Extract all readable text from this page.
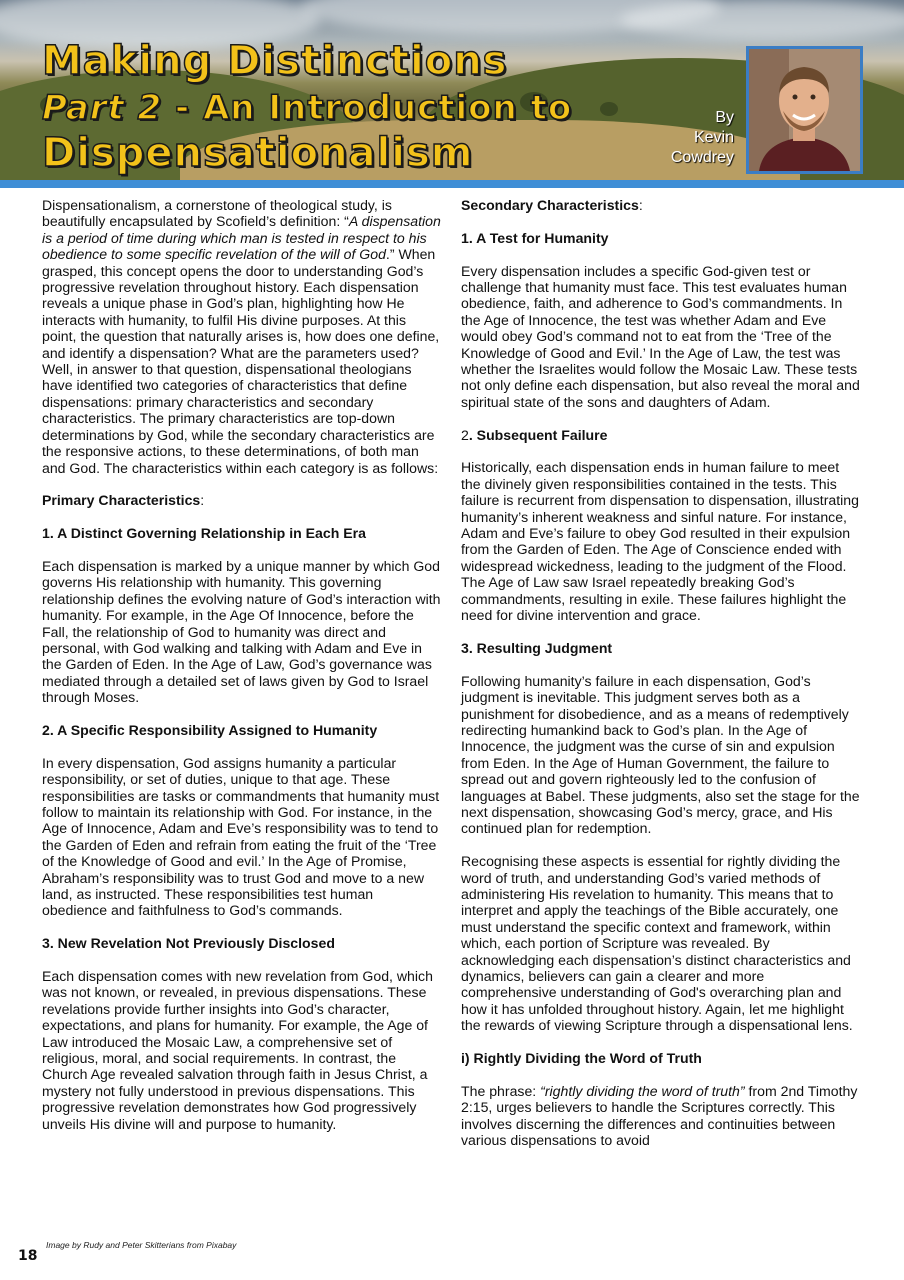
Making Distinctions
Part 2 - An Introduction to
Dispensationalism
By
Kevin
Cowdrey

Dispensationalism, a cornerstone of theological study, is beautifully encapsulated by Scofield’s definition: “A dispensation is a period of time during which man is tested in respect to his obedience to some specific revelation of the will of God.” When grasped, this concept opens the door to understanding God’s progressive revelation throughout history. Each dispensation reveals a unique phase in God’s plan, highlighting how He interacts with humanity, to fulfil His divine purposes. At this point, the question that naturally arises is, how does one define, and identify a dispensation? What are the parameters used? Well, in answer to that question, dispensational theologians have identified two categories of characteristics that define dispensations: primary characteristics and secondary characteristics. The primary characteristics are top-down determinations by God, while the secondary characteristics are the responsive actions, to these determinations, of both man and God. The characteristics within each category is as follows:

Primary Characteristics:

1. A Distinct Governing Relationship in Each Era

Each dispensation is marked by a unique manner by which God governs His relationship with humanity. This governing relationship defines the evolving nature of God’s interaction with humanity. For example, in the Age Of Innocence, before the Fall, the relationship of God to humanity was direct and personal, with God walking and talking with Adam and Eve in the Garden of Eden. In the Age of Law, God’s governance was mediated through a detailed set of laws given by God to Israel through Moses.

2. A Specific Responsibility Assigned to Humanity

In every dispensation, God assigns humanity a particular responsibility, or set of duties, unique to that age. These responsibilities are tasks or commandments that humanity must follow to maintain its relationship with God. For instance, in the Age of Innocence, Adam and Eve’s responsibility was to tend to the Garden of Eden and refrain from eating the fruit of the ‘Tree of the Knowledge of Good and evil.’ In the Age of Promise, Abraham’s responsibility was to trust God and move to a new land, as instructed. These responsibilities test human obedience and faithfulness to God’s commands.

3. New Revelation Not Previously Disclosed

Each dispensation comes with new revelation from God, which was not known, or revealed, in previous dispensations. These revelations provide further insights into God’s character, expectations, and plans for humanity. For example, the Age of Law introduced the Mosaic Law, a comprehensive set of religious, moral, and social requirements. In contrast, the Church Age revealed salvation through faith in Jesus Christ, a mystery not fully understood in previous dispensations. This progressive revelation demonstrates how God progressively unveils His divine will and purpose to humanity.

Secondary Characteristics:

1. A Test for Humanity

Every dispensation includes a specific God-given test or challenge that humanity must face. This test evaluates human obedience, faith, and adherence to God’s commandments. In the Age of Innocence, the test was whether Adam and Eve would obey God’s command not to eat from the ‘Tree of the Knowledge of Good and Evil.’ In the Age of Law, the test was whether the Israelites would follow the Mosaic Law. These tests not only define each dispensation, but also reveal the moral and spiritual state of the sons and daughters of Adam.

2. Subsequent Failure

Historically, each dispensation ends in human failure to meet the divinely given responsibilities contained in the tests. This failure is recurrent from dispensation to dispensation, illustrating humanity’s inherent weakness and sinful nature. For instance, Adam and Eve’s failure to obey God resulted in their expulsion from the Garden of Eden. The Age of Conscience ended with widespread wickedness, leading to the judgment of the Flood. The Age of Law saw Israel repeatedly breaking God’s commandments, resulting in exile. These failures highlight the need for divine intervention and grace.

3. Resulting Judgment

Following humanity’s failure in each dispensation, God’s judgment is inevitable. This judgment serves both as a punishment for disobedience, and as a means of redemptively redirecting humankind back to God’s plan. In the Age of Innocence, the judgment was the curse of sin and expulsion from Eden. In the Age of Human Government, the failure to spread out and govern righteously led to the confusion of languages at Babel. These judgments, also set the stage for the next dispensation, showcasing God’s mercy, grace, and His continued plan for redemption.

Recognising these aspects is essential for rightly dividing the word of truth, and understanding God’s varied methods of administering His revelation to humanity. This means that to interpret and apply the teachings of the Bible accurately, one must understand the specific context and framework, within which, each portion of Scripture was revealed. By acknowledging each dispensation’s distinct characteristics and dynamics, believers can gain a clearer and more comprehensive understanding of God's overarching plan and how it has unfolded throughout history. Again, let me highlight the rewards of viewing Scripture through a dispensational lens.

i) Rightly Dividing the Word of Truth

The phrase: “rightly dividing the word of truth” from 2nd Timothy 2:15, urges believers to handle the Scriptures correctly. This involves discerning the differences and continuities between various dispensations to avoid

Image by Rudy and Peter Skitterians from Pixabay
18
